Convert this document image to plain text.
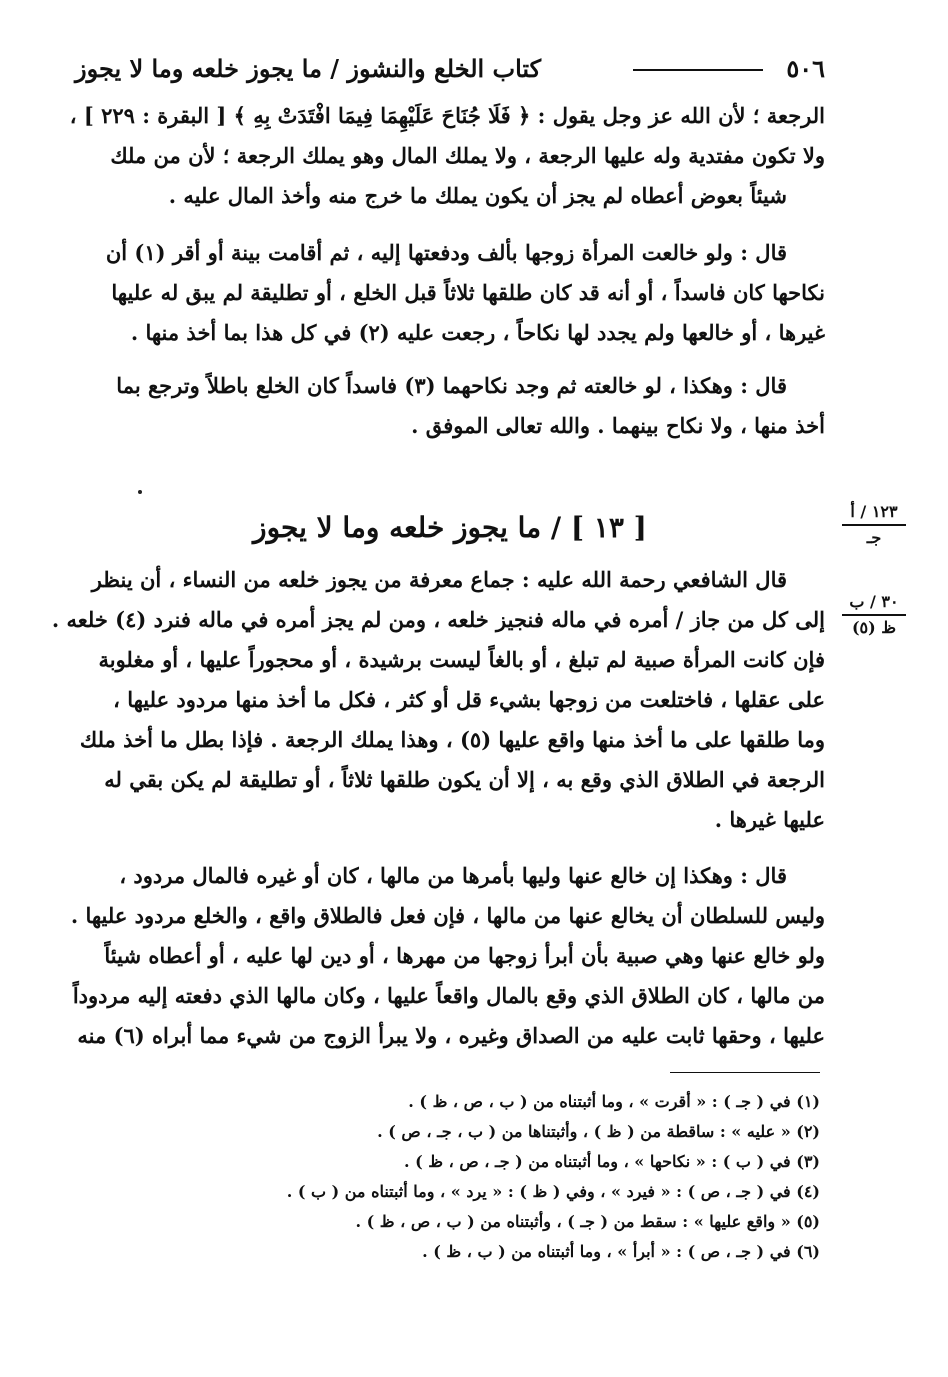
٥٠٦
كتاب الخلع والنشوز / ما يجوز خلعه وما لا يجوز
الرجعة ؛ لأن الله عز وجل يقول : ﴿ فَلَا جُنَاحَ عَلَيْهِمَا فِيمَا افْتَدَتْ بِهِ ﴾ [ البقرة : ٢٢٩ ] ،
ولا تكون مفتدية وله عليها الرجعة ، ولا يملك المال وهو يملك الرجعة ؛ لأن من ملك
شيئاً بعوض أعطاه لم يجز أن يكون يملك ما خرج منه وأخذ المال عليه .
قال : ولو خالعت المرأة زوجها بألف ودفعتها إليه ، ثم أقامت بينة أو أقر (١) أن
نكاحها كان فاسداً ، أو أنه قد كان طلقها ثلاثاً قبل الخلع ، أو تطليقة لم يبق له عليها
غيرها ، أو خالعها ولم يجدد لها نكاحاً ، رجعت عليه (٢) في كل هذا بما أخذ منها .
قال : وهكذا ، لو خالعته ثم وجد نكاحهما (٣) فاسداً كان الخلع باطلاً وترجع بما
أخذ منها ، ولا نكاح بينهما . والله تعالى الموفق .
[ ١٣ ] / ما يجوز خلعه وما لا يجوز	١٢٣ / أ
جـ
٣٠ / ب
ظ (٥)
قال الشافعي رحمة الله عليه : جماع معرفة من يجوز خلعه من النساء ، أن ينظر
إلى كل من جاز / أمره في ماله فنجيز خلعه ، ومن لم يجز أمره في ماله فنرد (٤) خلعه .
فإن كانت المرأة صبية لم تبلغ ، أو بالغاً ليست برشيدة ، أو محجوراً عليها ، أو مغلوبة
على عقلها ، فاختلعت من زوجها بشيء قل أو كثر ، فكل ما أخذ منها مردود عليها ،
وما طلقها على ما أخذ منها واقع عليها (٥) ، وهذا يملك الرجعة . فإذا بطل ما أخذ ملك
الرجعة في الطلاق الذي وقع به ، إلا أن يكون طلقها ثلاثاً ، أو تطليقة لم يكن بقي له
عليها غيرها .
قال : وهكذا إن خالع عنها وليها بأمرها من مالها ، كان أو غيره فالمال مردود ،
وليس للسلطان أن يخالع عنها من مالها ، فإن فعل فالطلاق واقع ، والخلع مردود عليها .
ولو خالع عنها وهي صبية بأن أبرأ زوجها من مهرها ، أو دين لها عليه ، أو أعطاه شيئاً
من مالها ، كان الطلاق الذي وقع بالمال واقعاً عليها ، وكان مالها الذي دفعته إليه مردوداً
عليها ، وحقها ثابت عليه من الصداق وغيره ، ولا يبرأ الزوج من شيء مما أبراه (٦) منه
(١) في ( جـ ) : « أقرت » ، وما أثبتناه من ( ب ، ص ، ظ ) .
(٢) « عليه » : ساقطة من ( ظ ) ، وأثبتناها من ( ب ، جـ ، ص ) .
(٣) في ( ب ) : « نكاحها » ، وما أثبتناه من ( جـ ، ص ، ظ ) .
(٤) في ( جـ ، ص ) : « فيرد » ، وفي ( ظ ) : « يرد » ، وما أثبتناه من ( ب ) .
(٥) « واقع عليها » : سقط من ( جـ ) ، وأثبتناه من ( ب ، ص ، ظ ) .
(٦) في ( جـ ، ص ) : « أبرأ » ، وما أثبتناه من ( ب ، ظ ) .
